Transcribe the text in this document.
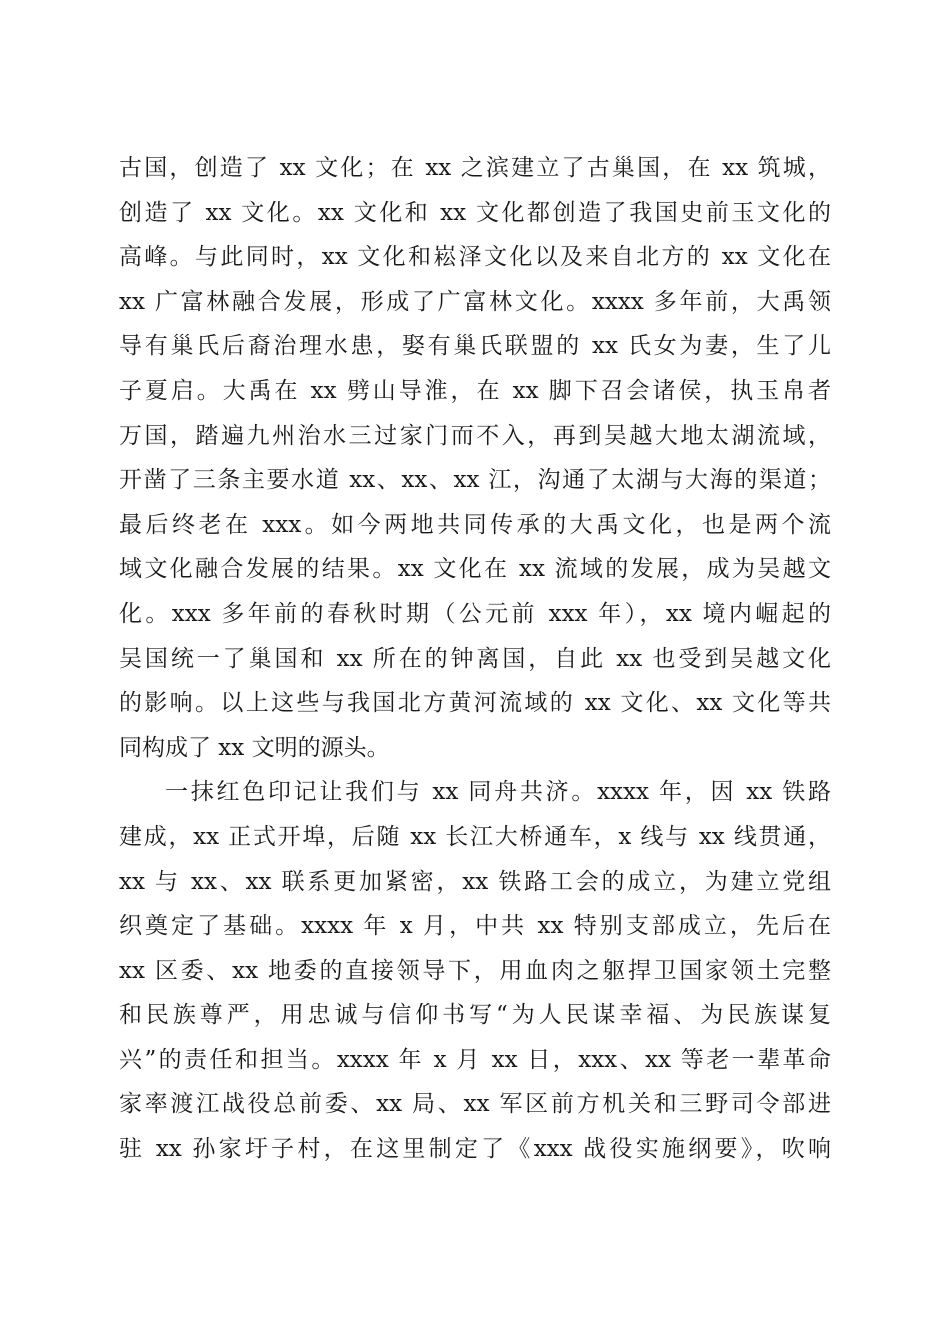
古国，创造了 xx 文化；在 xx 之滨建立了古巢国，在 xx 筑城，
创造了 xx 文化。xx 文化和 xx 文化都创造了我国史前玉文化的
高峰。与此同时，xx 文化和崧泽文化以及来自北方的 xx 文化在
xx 广富林融合发展，形成了广富林文化。xxxx 多年前，大禹领
导有巢氏后裔治理水患，娶有巢氏联盟的 xx 氏女为妻，生了儿
子夏启。大禹在 xx 劈山导淮，在 xx 脚下召会诸侯，执玉帛者
万国，踏遍九州治水三过家门而不入，再到吴越大地太湖流域，
开凿了三条主要水道 xx、xx、xx 江，沟通了太湖与大海的渠道；
最后终老在 xxx。如今两地共同传承的大禹文化，也是两个流
域文化融合发展的结果。xx 文化在 xx 流域的发展，成为吴越文
化。xxx 多年前的春秋时期（公元前 xxx 年），xx 境内崛起的
吴国统一了巢国和 xx 所在的钟离国，自此 xx 也受到吴越文化
的影响。以上这些与我国北方黄河流域的 xx 文化、xx 文化等共
同构成了 xx 文明的源头。
一抹红色印记让我们与 xx 同舟共济。xxxx 年，因 xx 铁路
建成，xx 正式开埠，后随 xx 长江大桥通车，x 线与 xx 线贯通，
xx 与 xx、xx 联系更加紧密，xx 铁路工会的成立，为建立党组
织奠定了基础。xxxx 年 x 月，中共 xx 特别支部成立，先后在
xx 区委、xx 地委的直接领导下，用血肉之躯捍卫国家领土完整
和民族尊严，用忠诚与信仰书写“为人民谋幸福、为民族谋复
兴”的责任和担当。xxxx 年 x 月 xx 日，xxx、xx 等老一辈革命
家率渡江战役总前委、xx 局、xx 军区前方机关和三野司令部进
驻 xx 孙家圩子村，在这里制定了《xxx 战役实施纲要》，吹响
